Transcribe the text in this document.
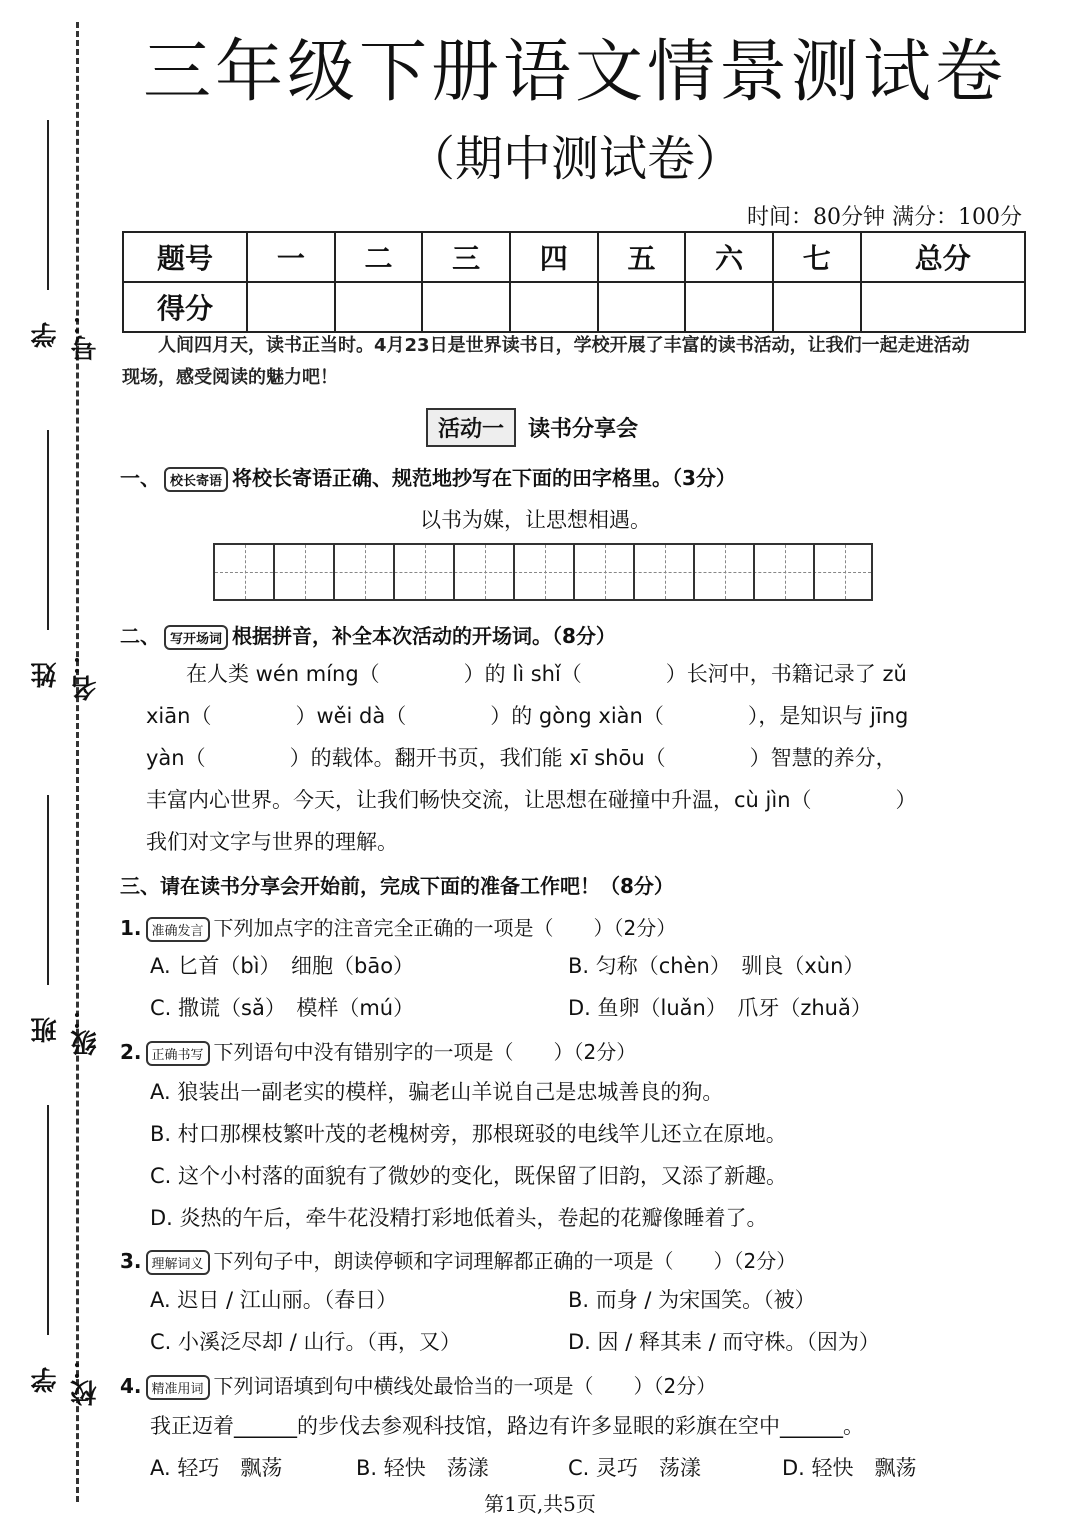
学号：
姓名：
班级：
学校：
三年级下册语文情景测试卷
（期中测试卷）
时间：80分钟 满分：100分
题号	一	二	三	四	五	六	七	总分
得分								
人间四月天，读书正当时。4月23日是世界读书日，学校开展了丰富的读书活动，让我们一起走进活动现场，感受阅读的魅力吧！
活动一 读书分享会
一、 校长寄语 将校长寄语正确、规范地抄写在下面的田字格里。（3分）
以书为媒，让思想相遇。
二、 写开场词 根据拼音，补全本次活动的开场词。（8分）
在人类 wén míng（　　　　）的 lì shǐ（　　　　）长河中，书籍记录了 zǔ
xiān（　　　　）wěi dà（　　　　）的 gòng xiàn（　　　　），是知识与 jīng
yàn（　　　　）的载体。翻开书页，我们能 xī shōu（　　　　）智慧的养分，
丰富内心世界。今天，让我们畅快交流，让思想在碰撞中升温，cù jìn（　　　　）
我们对文字与世界的理解。
三、请在读书分享会开始前，完成下面的准备工作吧！（8分）
1. 准确发言 下列加点字的注音完全正确的一项是（　　）（2分）
A. 匕首（bì）　细胞（bāo）	B. 匀称（chèn）　驯良（xùn）
C. 撒谎（sǎ）　模样（mú）	D. 鱼卵（luǎn）　爪牙（zhuǎ）
2. 正确书写 下列语句中没有错别字的一项是（　　）（2分）
A. 狼装出一副老实的模样，骗老山羊说自己是忠城善良的狗。
B. 村口那棵枝繁叶茂的老槐树旁，那根斑驳的电线竿儿还立在原地。
C. 这个小村落的面貌有了微妙的变化，既保留了旧韵，又添了新趣。
D. 炎热的午后，牵牛花没精打彩地低着头，卷起的花瓣像睡着了。
3. 理解词义 下列句子中，朗读停顿和字词理解都正确的一项是（　　）（2分）
A. 迟日 / 江山丽。（春日）	B. 而身 / 为宋国笑。（被）
C. 小溪泛尽却 / 山行。（再，又）	D. 因 / 释其耒 / 而守株。（因为）
4. 精准用词 下列词语填到句中横线处最恰当的一项是（　　）（2分）
我正迈着______的步伐去参观科技馆，路边有许多显眼的彩旗在空中______。
A. 轻巧　飘荡	B. 轻快　荡漾	C. 灵巧　荡漾	D. 轻快　飘荡
第1页,共5页
